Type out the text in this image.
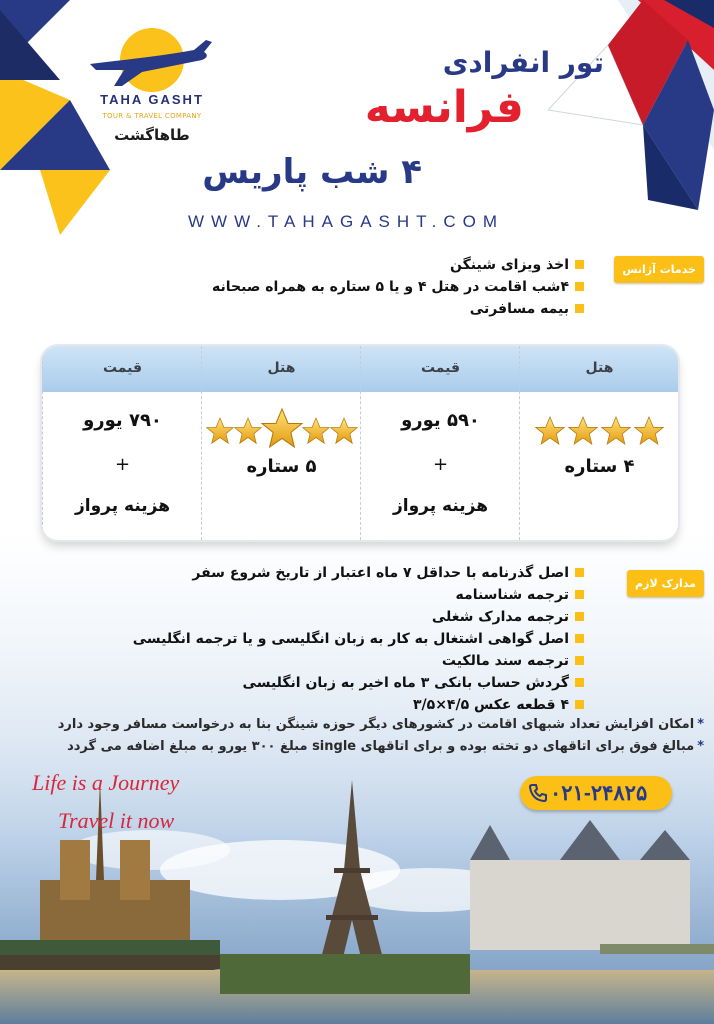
TAHA GASHT
TOUR & TRAVEL COMPANY
طاها‌گشت
تور انفرادی
فرانسه
۴ شب پاریس
WWW.TAHAGASHT.COM
خدمات آژانس
اخذ ویزای شینگن
۴شب اقامت در هتل ۴ و یا ۵ ستاره به همراه صبحانه
بیمه مسافرتی
قیمت
۷۹۰ یورو
+
هزینه پرواز
هتل
۵ ستاره
قیمت
۵۹۰ یورو
+
هزینه پرواز
هتل
۴ ستاره
مدارک لازم
اصل گذرنامه با حداقل ۷ ماه اعتبار از تاریخ شروع سفر
ترجمه شناسنامه
ترجمه مدارک شغلی
اصل گواهی اشتغال به کار به زبان انگلیسی و یا ترجمه انگلیسی
ترجمه سند مالکیت
گردش حساب بانکی ۳ ماه اخیر به زبان انگلیسی
۴ قطعه عکس ۴/۵×۳/۵
Life is a Journey
Travel it now
*امکان افزایش تعداد شبهای اقامت در کشورهای دیگر حوزه شینگن بنا به درخواست مسافر وجود دارد
*مبالغ فوق برای اتاقهای دو تخته بوده و برای اتاقهای single مبلغ ۳۰۰ یورو به مبلغ اضافه می گردد
۰۲۱-۲۴۸۲۵
